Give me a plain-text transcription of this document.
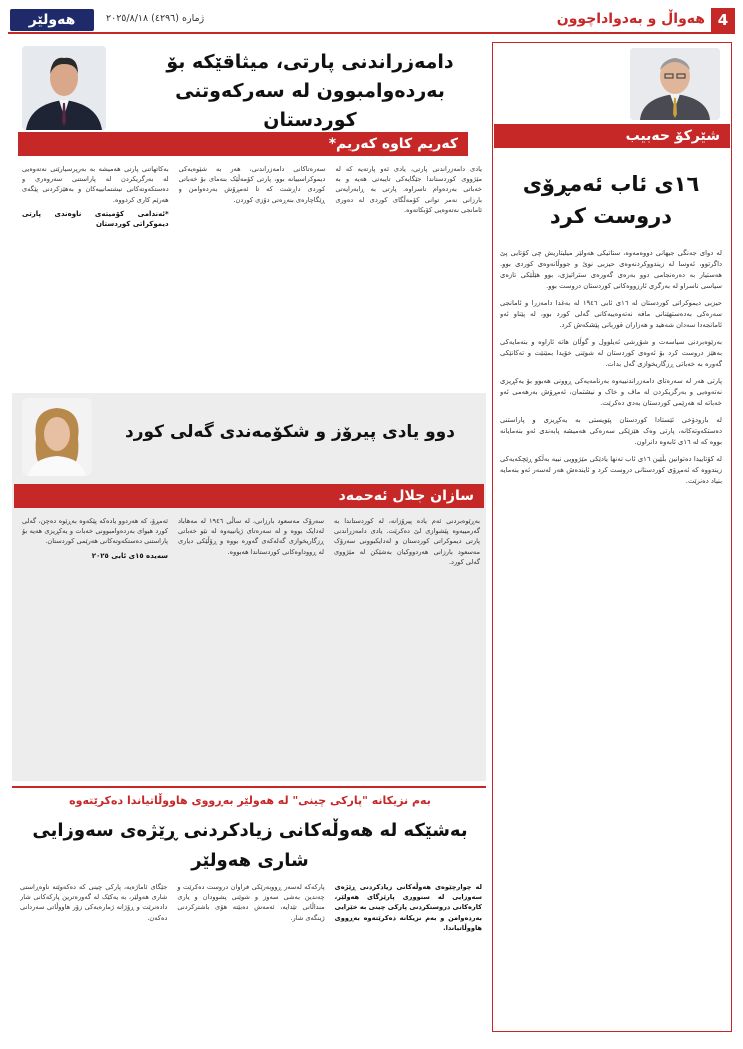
هەولێر	ژمارە (٤٢٩٦) ٢٠٢٥/٨/١٨	هەواڵ و بەدواداچوون 4
شێرکۆ حەبیب
١٦ی ئاب ئەمڕۆی
دروست کرد

لە دوای جەنگی جیهانی دووەمەوە، ستاتیکی هەولێر میلیتاریش چی کۆتایی پێ داگرتوو، ئەوسا لە زیندووکردنەوەی حیزبی نوێ و جووڵانەوەی کوردی بوو. هەستیار بە دەرەنجامی دوو بەرەی گەورەی ستراتیژی، بوو هێڵێکی تازەی سیاسی ناسراو لە بەرگری ئارزووەکانی کوردستان دروست بوو.

حیزبی دیموکراتی کوردستان لە ١٦ی ئابی ١٩٤٦ لە بەغدا دامەزرا و ئامانجی سەرەکی بەدەستهێنانی مافە نەتەوەییەکانی گەلی کورد بوو، لە پێناو ئەو ئامانجەدا سەدان شەهید و هەزاران قوربانی پێشکەش کرد.

بەرێوەبردنی سیاسەت و شۆڕشی ئەیلوول و گوڵان هاتە ئاراوە و بنەمایەکی بەهێز دروست کرد بۆ ئەوەی کوردستان لە شوێنی خۆیدا بمێنێت و تەکانێکی گەورە بە خەباتی ڕزگاریخوازی گەل بدات.

پارتی هەر لە سەرەتای دامەزراندنییەوە بەرنامەیەکی ڕوونی هەبوو بۆ یەکڕیزی نەتەوەیی و بەرگریکردن لە ماف و خاک و نیشتمان، ئەمڕۆش بەرهەمی ئەو خەباتە لە هەرێمی کوردستان بەدی دەکرێت.

لە بارودۆخی ئێستادا کوردستان پێویستی بە یەکڕیزی و پاراستنی دەستکەوتەکانە، پارتی وەک هێزێکی سەرەکی هەمیشە پابەندی ئەو بنەمایانە بووە کە لە ١٦ی ئابەوە دانراون.

لە کۆتاییدا دەتوانین بڵێین ١٦ی ئاب تەنها یادێکی مێژوویی نییە بەڵکو ڕێچکەیەکی زیندووە کە ئەمڕۆی کوردستانی دروست کرد و ئایندەش هەر لەسەر ئەو بنەمایە بنیاد دەنرێت.

دامەزراندنی پارتی، میثاقێکە بۆ
بەردەوامبوون لە سەرکەوتنی کوردستان
کەریم کاوە کەریم*
یادی دامەزراندنی پارتی، یادی ئەو پارتەیە کە لە مێژووی کوردستاندا جێگایەکی تایبەتی هەیە و بە خەباتی بەردەوام ناسراوە. پارتی بە ڕابەرایەتی بارزانی نەمر توانی کۆمەڵگای کوردی لە دەوری ئامانجی نەتەوەیی کۆبکاتەوە.
سەرەتاکانی دامەزراندنی، هەر بە شێوەیەکی دیموکراسییانە بوو، پارتی کۆمەڵێک بنەمای بۆ خەباتی کوردی داڕشت کە تا ئەمڕۆش بەردەوامن و ڕێگاچارەی بنەڕەتی دۆزی کوردن.
بەکاتهاتنی پارتی هەمیشە بە بەرپرسیارێتی نەتەوەیی لە بەرگریکردن لە پاراستنی سەروەری و دەستکەوتەکانی نیشتمانییەکان و بەهێزکردنی پێگەی هەرێم کاری کردووە.
*ئەندامی کۆمیتەی ناوەندی پارتی دیموکراتی کوردستان
دوو یادی پیرۆز و شکۆمەندی گەلی کورد
سازان جلال ئەحمەد
بەڕێوەبردنی ئەم یادە پیرۆزانە، لە کوردستاندا بە گەرمییەوە پێشوازی لێ دەکرێت. یادی دامەزراندنی پارتی دیموکراتی کوردستان و لەدایکبوونی سەرۆک مەسعود بارزانی هەردووکیان بەشێکن لە مێژووی گەلی کورد.
سەرۆک مەسعود بارزانی، لە ساڵی ١٩٤٦ لە مەهاباد لەدایک بووە و لە سەرەتای ژیانییەوە لە نێو خەباتی ڕزگاریخوازی گەلەکەی گەورە بووە و ڕۆڵێکی دیاری لە ڕووداوەکانی کوردستاندا هەبووە.
ئەمڕۆ، کە هەردوو یادەکە پێکەوە بەڕێوە دەچن، گەلی کورد هیوای بەردەوامبوونی خەبات و یەکڕیزی هەیە بۆ پاراستنی دەستکەوتەکانی هەرێمی کوردستان.
سەیدە ١٥ی ئابی ٢٠٢٥
بەم نزیکانە "پارکی چینی" لە هەولێر بەڕووی هاووڵاتیاندا دەکرێتەوە
بەشێکە لە هەوڵەکانی زیادکردنی ڕێژەی سەوزایی
شاری هەولێر
لە چوارچێوەی هەوڵەکانی زیادکردنی ڕێژەی سەوزایی لە سنووری پارێزگای هەولێر، کارەکانی دروستکردنی پارکی چینی بە خێرایی بەردەوامن و بەم نزیکانە دەکرێتەوە بەڕووی هاووڵاتیاندا.
پارکەکە لەسەر ڕووبەرێکی فراوان دروست دەکرێت و چەندین بەشی سەوز و شوێنی پشوودان و یاری منداڵانی تێدایە، ئەمەش دەبێتە هۆی باشترکردنی ژینگەی شار.
جێگای ئاماژەیە، پارکی چینی کە دەکەوێتە ناوەڕاستی شاری هەولێر، بە یەکێک لە گەورەترین پارکەکانی شار دادەنرێت و ڕۆژانە ژمارەیەکی زۆر هاووڵاتی سەردانی دەکەن.
